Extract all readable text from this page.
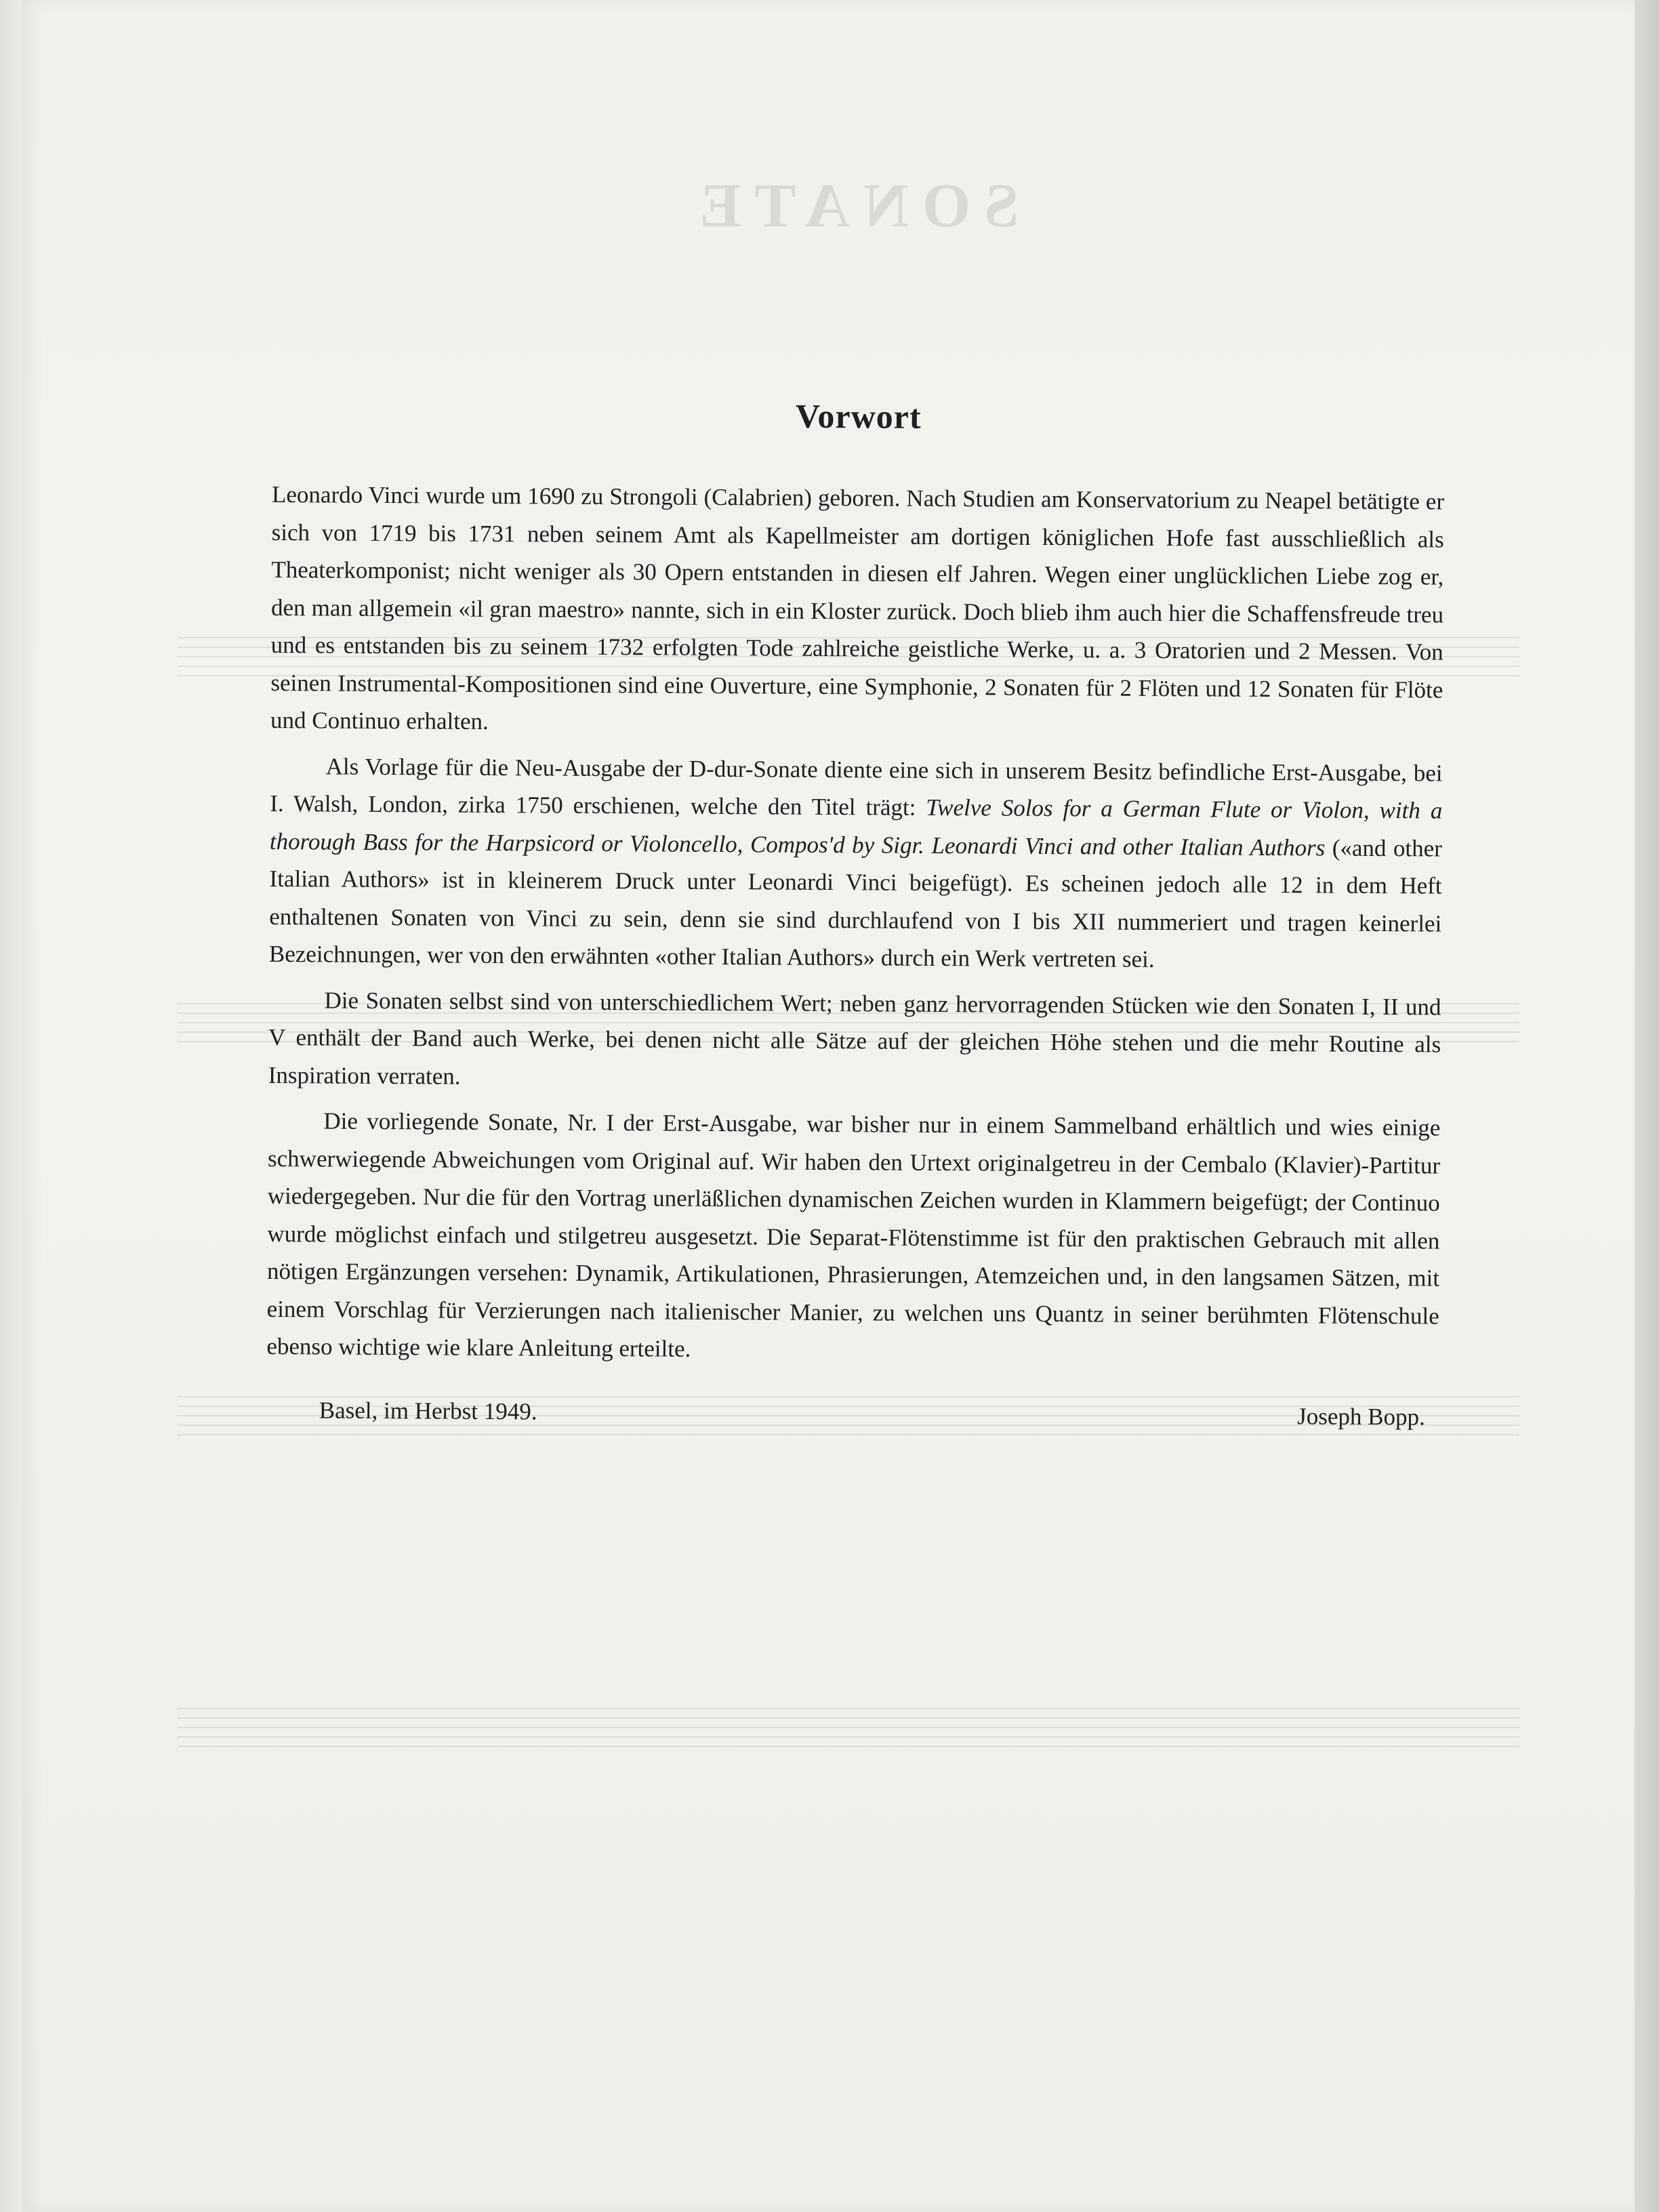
SONATE
Vorwort

Leonardo Vinci wurde um 1690 zu Strongoli (Calabrien) geboren. Nach Studien am Konservatorium zu Neapel betätigte er sich von 1719 bis 1731 neben seinem Amt als Kapellmeister am dortigen königlichen Hofe fast ausschließlich als Theaterkomponist; nicht weniger als 30 Opern entstanden in diesen elf Jahren. Wegen einer unglücklichen Liebe zog er, den man allgemein «il gran maestro» nannte, sich in ein Kloster zurück. Doch blieb ihm auch hier die Schaffensfreude treu und es entstanden bis zu seinem 1732 erfolgten Tode zahlreiche geistliche Werke, u. a. 3 Oratorien und 2 Messen. Von seinen Instrumental-Kompositionen sind eine Ouverture, eine Symphonie, 2 Sonaten für 2 Flöten und 12 Sonaten für Flöte und Continuo erhalten.

Als Vorlage für die Neu-Ausgabe der D-dur-Sonate diente eine sich in unserem Besitz befindliche Erst-Ausgabe, bei I. Walsh, London, zirka 1750 erschienen, welche den Titel trägt: Twelve Solos for a German Flute or Violon, with a thorough Bass for the Harpsicord or Violoncello, Compos'd by Sigr. Leonardi Vinci and other Italian Authors («and other Italian Authors» ist in kleinerem Druck unter Leonardi Vinci beigefügt). Es scheinen jedoch alle 12 in dem Heft enthaltenen Sonaten von Vinci zu sein, denn sie sind durchlaufend von I bis XII nummeriert und tragen keinerlei Bezeichnungen, wer von den erwähnten «other Italian Authors» durch ein Werk vertreten sei.

Die Sonaten selbst sind von unterschiedlichem Wert; neben ganz hervorragenden Stücken wie den Sonaten I, II und V enthält der Band auch Werke, bei denen nicht alle Sätze auf der gleichen Höhe stehen und die mehr Routine als Inspiration verraten.

Die vorliegende Sonate, Nr. I der Erst-Ausgabe, war bisher nur in einem Sammelband erhältlich und wies einige schwerwiegende Abweichungen vom Original auf. Wir haben den Urtext originalgetreu in der Cembalo (Klavier)-Partitur wiedergegeben. Nur die für den Vortrag unerläßlichen dynamischen Zeichen wurden in Klammern beigefügt; der Continuo wurde möglichst einfach und stilgetreu ausgesetzt. Die Separat-Flötenstimme ist für den praktischen Gebrauch mit allen nötigen Ergänzungen versehen: Dynamik, Artikulationen, Phrasierungen, Atemzeichen und, in den langsamen Sätzen, mit einem Vorschlag für Verzierungen nach italienischer Manier, zu welchen uns Quantz in seiner berühmten Flötenschule ebenso wichtige wie klare Anleitung erteilte.

Basel, im Herbst 1949.	Joseph Bopp.
